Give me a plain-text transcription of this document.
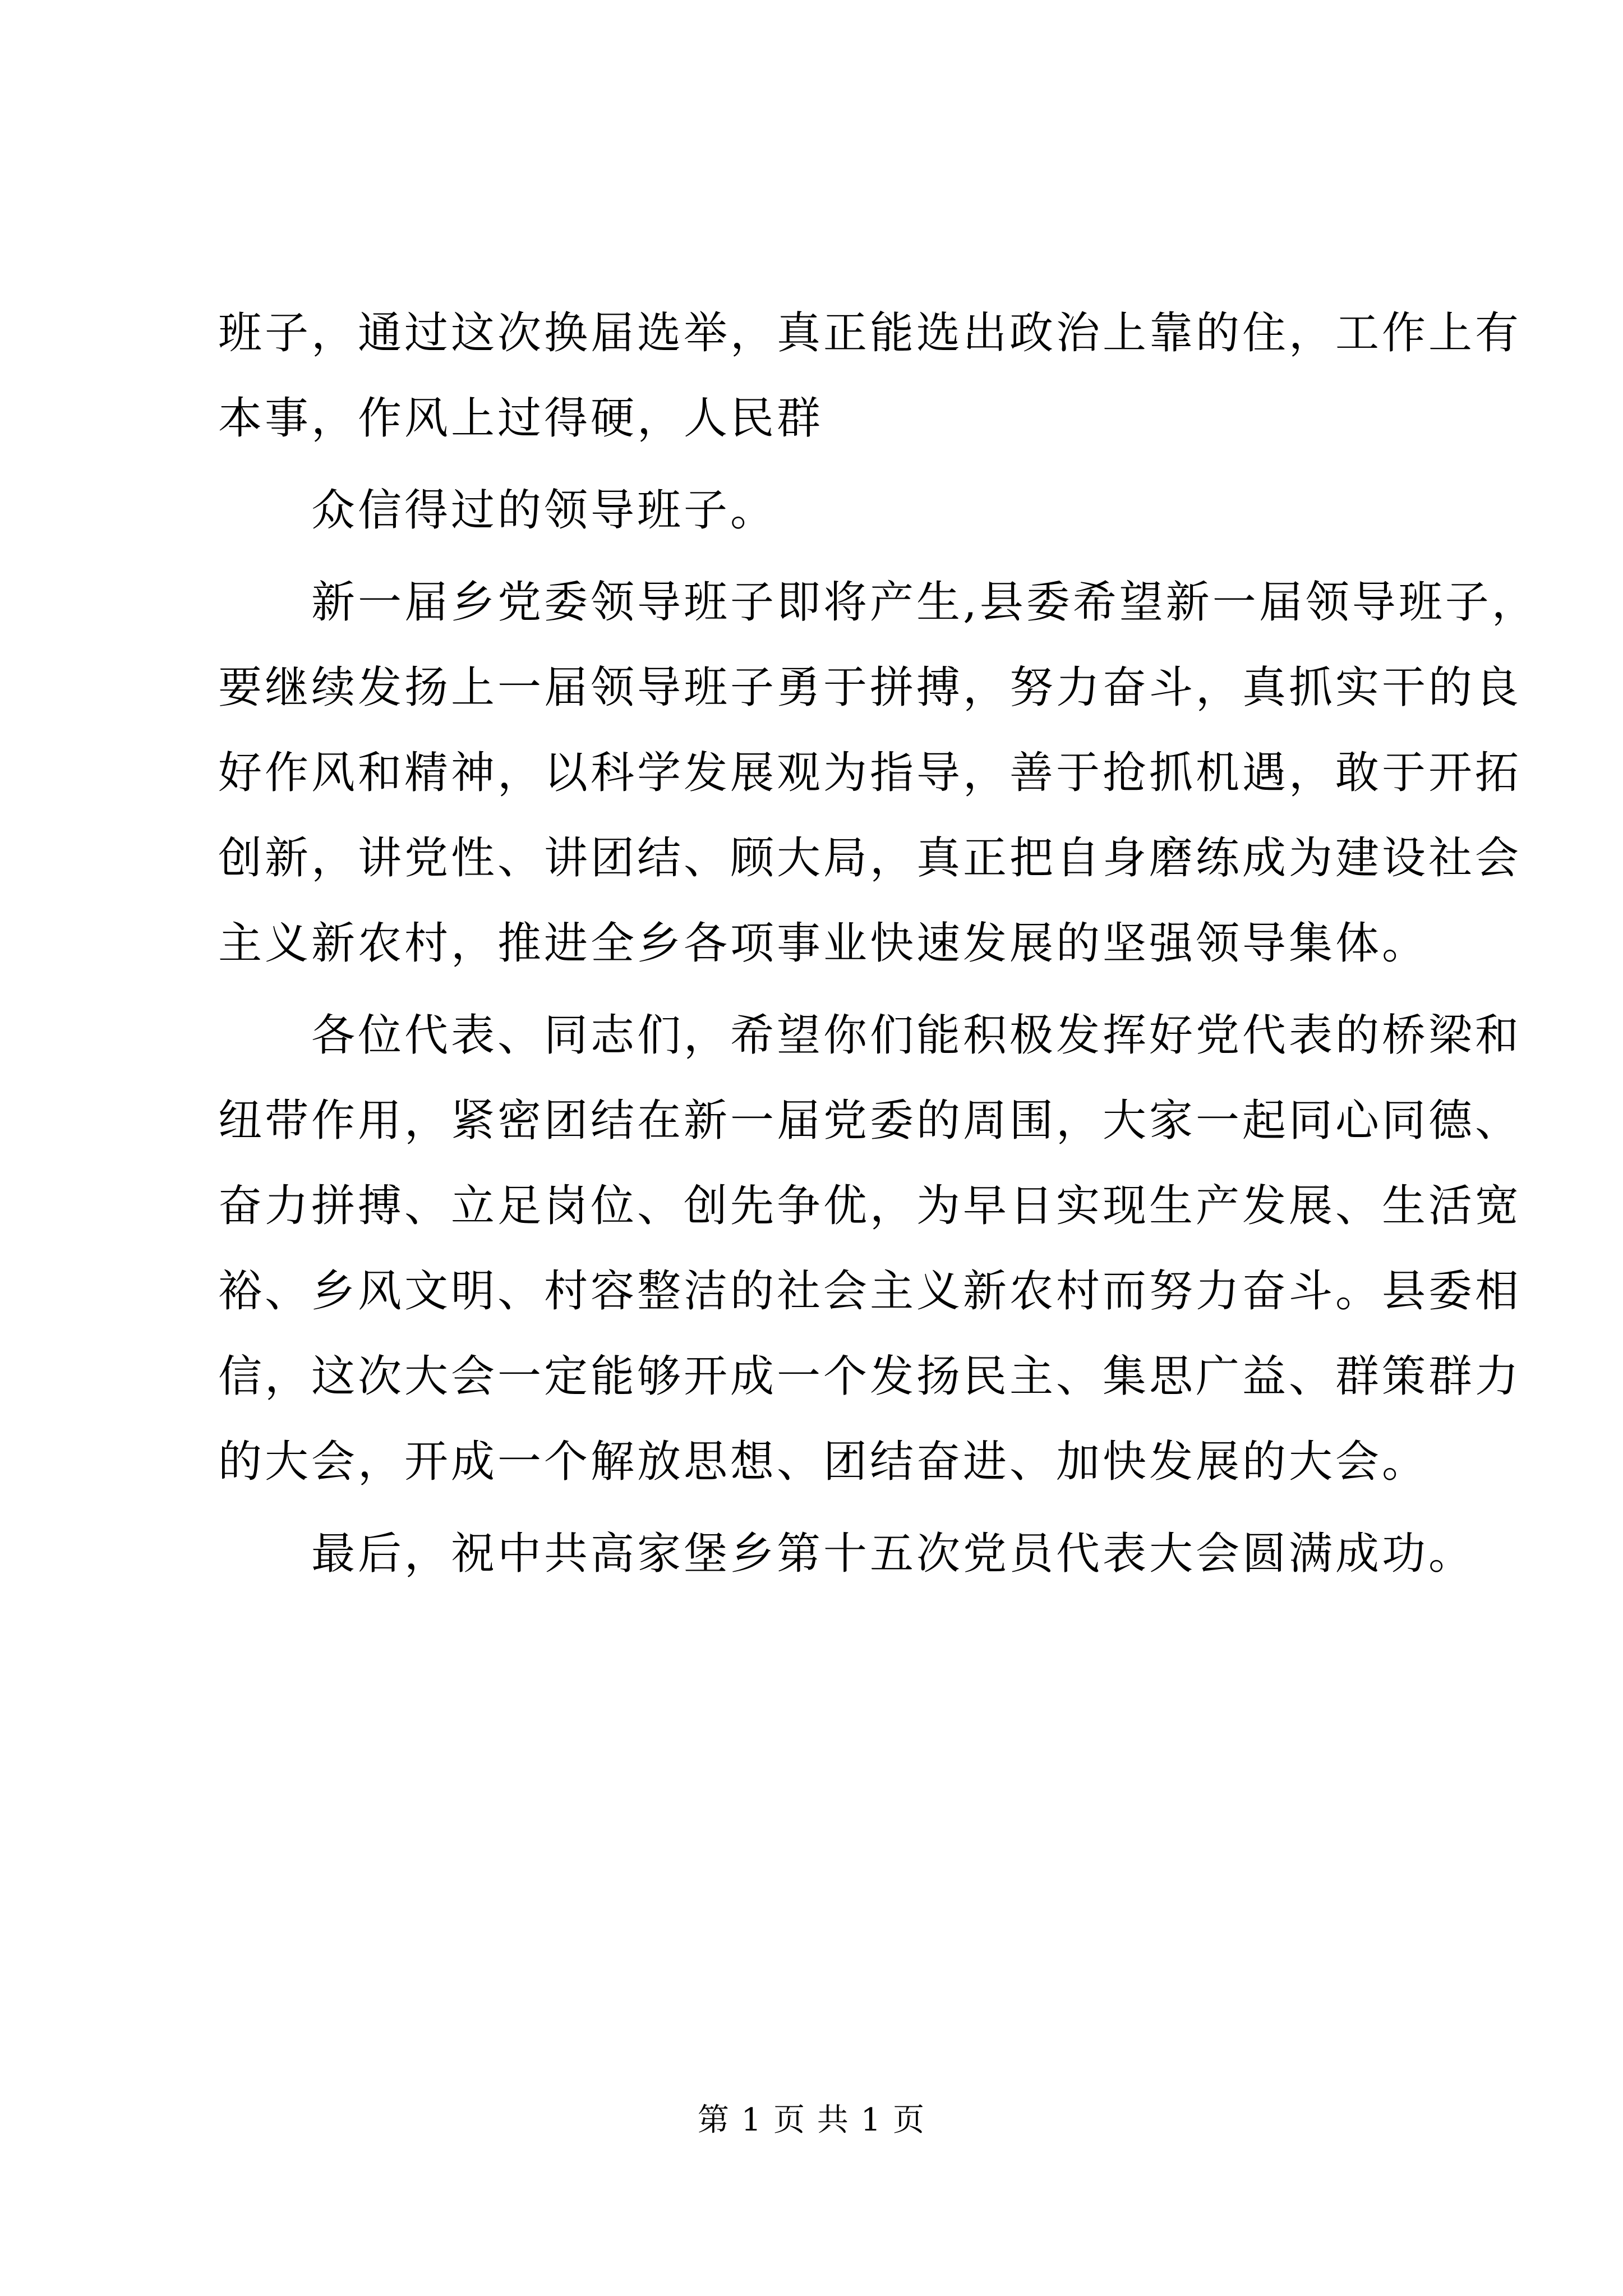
班子，通过这次换届选举，真正能选出政治上靠的住，工作上有
本事，作风上过得硬，人民群
众信得过的领导班子。
新一届乡党委领导班子即将产生,县委希望新一届领导班子，
要继续发扬上一届领导班子勇于拼搏，努力奋斗，真抓实干的良
好作风和精神，以科学发展观为指导，善于抢抓机遇，敢于开拓
创新，讲党性、讲团结、顾大局，真正把自身磨练成为建设社会
主义新农村，推进全乡各项事业快速发展的坚强领导集体。
各位代表、同志们，希望你们能积极发挥好党代表的桥梁和
纽带作用，紧密团结在新一届党委的周围，大家一起同心同德、
奋力拼搏、立足岗位、创先争优，为早日实现生产发展、生活宽
裕、乡风文明、村容整洁的社会主义新农村而努力奋斗。县委相
信，这次大会一定能够开成一个发扬民主、集思广益、群策群力
的大会，开成一个解放思想、团结奋进、加快发展的大会。
最后，祝中共高家堡乡第十五次党员代表大会圆满成功。
第 1 页 共 1 页
